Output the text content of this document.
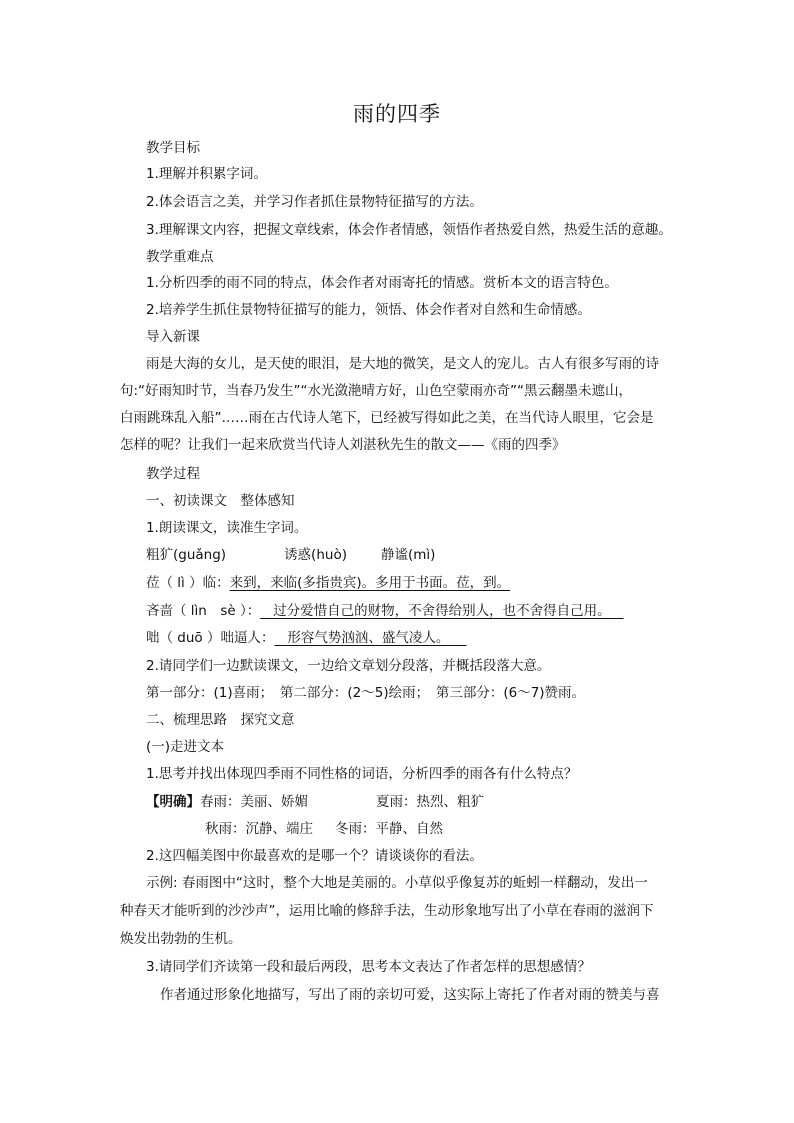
雨的四季
教学目标
1.理解并积累字词。
2.体会语言之美，并学习作者抓住景物特征描写的方法。
3.理解课文内容，把握文章线索，体会作者情感，领悟作者热爱自然，热爱生活的意趣。
教学重难点
1.分析四季的雨不同的特点，体会作者对雨寄托的情感。赏析本文的语言特色。
2.培养学生抓住景物特征描写的能力，领悟、体会作者对自然和生命情感。
导入新课
雨是大海的女儿，是天使的眼泪，是大地的微笑，是文人的宠儿。古人有很多写雨的诗
句:“好雨知时节，当春乃发生”“水光潋滟晴方好，山色空蒙雨亦奇”“黑云翻墨未遮山，
白雨跳珠乱入船”……雨在古代诗人笔下，已经被写得如此之美，在当代诗人眼里，它会是
怎样的呢？让我们一起来欣赏当代诗人刘湛秋先生的散文——《雨的四季》
教学过程
一、初读课文　整体感知
1.朗读课文，读准生字词。
粗犷(guǎng)	诱惑(huò)	静谧(mì)
莅（ lì ）临：来到，来临(多指贵宾)。多用于书面。莅，到。
吝啬（ lìn　sè ）： 过分爱惜自己的财物，不舍得给别人，也不舍得自己用。
咄（ duō ）咄逼人： 形容气势汹汹、盛气凌人。
2.请同学们一边默读课文，一边给文章划分段落，并概括段落大意。
第一部分：(1)喜雨；　第二部分：(2～5)绘雨；　第三部分：(6～7)赞雨。
二、梳理思路　探究文意
(一)走进文本
1.思考并找出体现四季雨不同性格的词语，分析四季的雨各有什么特点？
【明确】春雨：美丽、娇媚	夏雨：热烈、粗犷
秋雨：沉静、端庄 冬雨：平静、自然
2.这四幅美图中你最喜欢的是哪一个？请谈谈你的看法。
示例: 春雨图中“这时，整个大地是美丽的。小草似乎像复苏的蚯蚓一样翻动，发出一
种春天才能听到的沙沙声”，运用比喻的修辞手法，生动形象地写出了小草在春雨的滋润下
焕发出勃勃的生机。
3.请同学们齐读第一段和最后两段，思考本文表达了作者怎样的思想感情？
作者通过形象化地描写，写出了雨的亲切可爱，这实际上寄托了作者对雨的赞美与喜
